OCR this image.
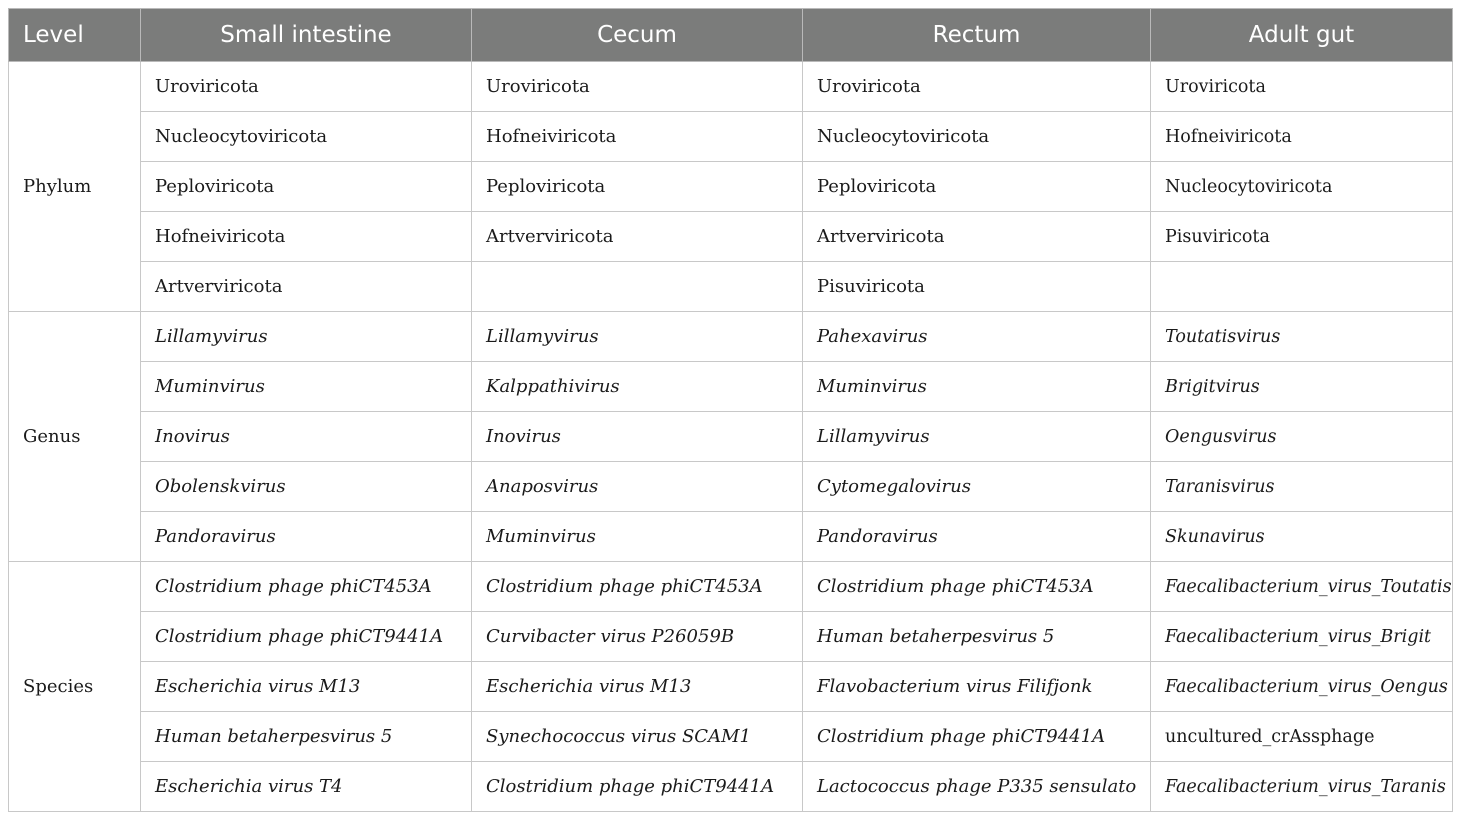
Level	Small intestine	Cecum	Rectum	Adult gut
Phylum	Uroviricota	Uroviricota	Uroviricota	Uroviricota
	Nucleocytoviricota	Hofneiviricota	Nucleocytoviricota	Hofneiviricota
	Peploviricota	Peploviricota	Peploviricota	Nucleocytoviricota
	Hofneiviricota	Artverviricota	Artverviricota	Pisuviricota
	Artverviricota		Pisuviricota	
Genus	Lillamyvirus	Lillamyvirus	Pahexavirus	Toutatisvirus
	Muminvirus	Kalppathivirus	Muminvirus	Brigitvirus
	Inovirus	Inovirus	Lillamyvirus	Oengusvirus
	Obolenskvirus	Anaposvirus	Cytomegalovirus	Taranisvirus
	Pandoravirus	Muminvirus	Pandoravirus	Skunavirus
Species	Clostridium phage phiCT453A	Clostridium phage phiCT453A	Clostridium phage phiCT453A	Faecalibacterium_virus_Toutatis
	Clostridium phage phiCT9441A	Curvibacter virus P26059B	Human betaherpesvirus 5	Faecalibacterium_virus_Brigit
	Escherichia virus M13	Escherichia virus M13	Flavobacterium virus Filifjonk	Faecalibacterium_virus_Oengus
	Human betaherpesvirus 5	Synechococcus virus SCAM1	Clostridium phage phiCT9441A	uncultured_crAssphage
	Escherichia virus T4	Clostridium phage phiCT9441A	Lactococcus phage P335 sensulato	Faecalibacterium_virus_Taranis
